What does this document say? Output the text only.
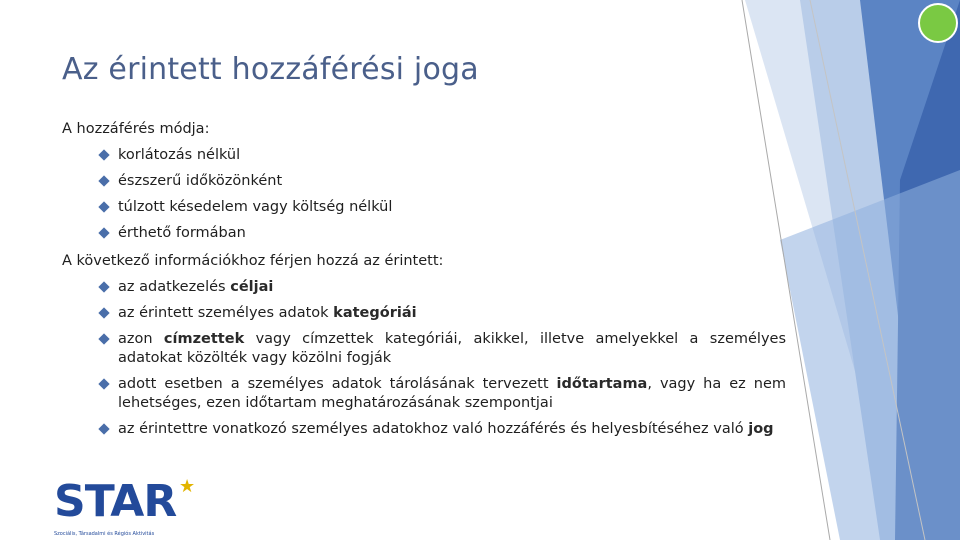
Az érintett hozzáférési joga
A hozzáférés módja:
korlátozás nélkül
észszerű időközönként
túlzott késedelem vagy költség nélkül
érthető formában
A következő információkhoz férjen hozzá az érintett:
az adatkezelés céljai
az érintett személyes adatok kategóriái
azon címzettek vagy címzettek kategóriái, akikkel, illetve amelyekkel a személyes adatokat közölték vagy közölni fogják
adott esetben a személyes adatok tárolásának tervezett időtartama, vagy ha ez nem lehetséges, ezen időtartam meghatározásának szempontjai
az érintettre vonatkozó személyes adatokhoz való hozzáférés és helyesbítéséhez való jog
STAR ★
Szociális, Társadalmi és Régiós Aktivitás
